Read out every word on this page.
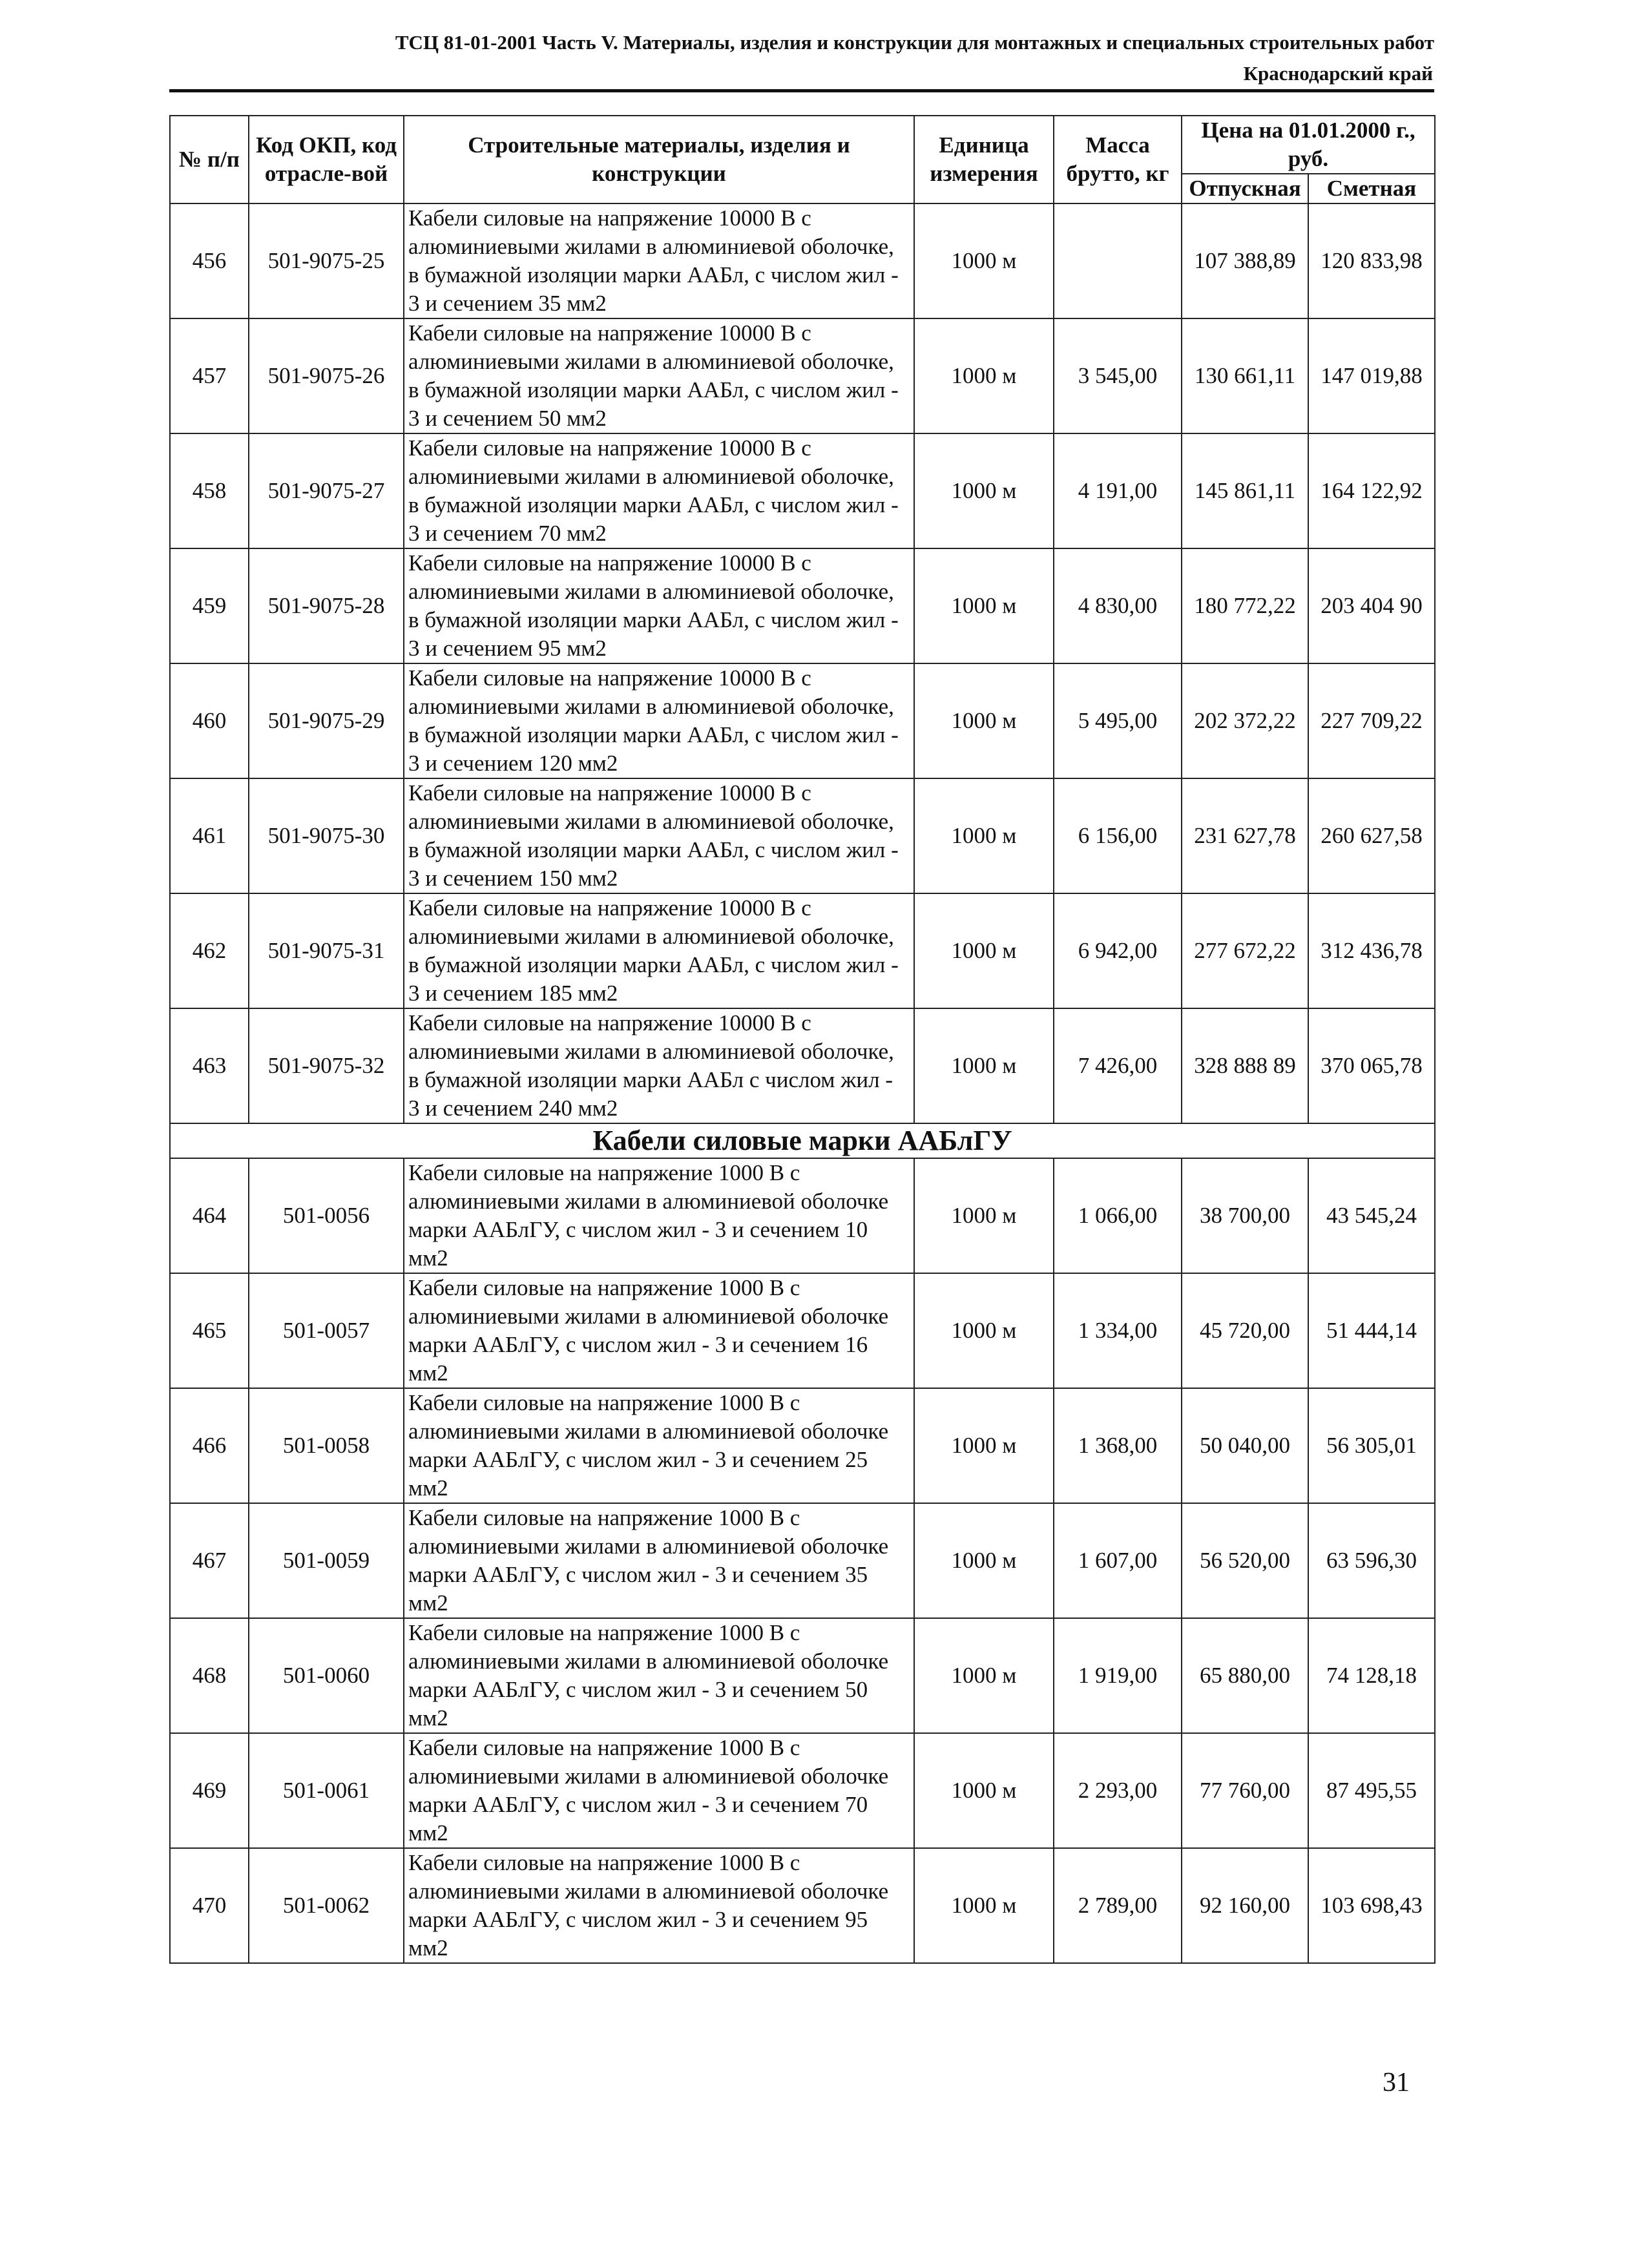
ТСЦ 81-01-2001 Часть V. Материалы, изделия и конструкции для монтажных и специальных строительных работ
Краснодарский край
№ п/п	Код ОКП, код отрасле-вой	Строительные материалы, изделия и конструкции	Единица измерения	Масса брутто, кг	Цена на 01.01.2000 г., руб.	
					Отпускная	Сметная
456	501-9075-25	Кабели силовые на напряжение 10000 В с алюминиевыми жилами в алюминиевой оболочке, в бумажной изоляции марки ААБл, с числом жил - 3 и сечением 35 мм2	1000 м		107 388,89	120 833,98
457	501-9075-26	Кабели силовые на напряжение 10000 В с алюминиевыми жилами в алюминиевой оболочке, в бумажной изоляции марки ААБл, с числом жил - 3 и сечением 50 мм2	1000 м	3 545,00	130 661,11	147 019,88
458	501-9075-27	Кабели силовые на напряжение 10000 В с алюминиевыми жилами в алюминиевой оболочке, в бумажной изоляции марки ААБл, с числом жил - 3 и сечением 70 мм2	1000 м	4 191,00	145 861,11	164 122,92
459	501-9075-28	Кабели силовые на напряжение 10000 В с алюминиевыми жилами в алюминиевой оболочке, в бумажной изоляции марки ААБл, с числом жил - 3 и сечением 95 мм2	1000 м	4 830,00	180 772,22	203 404 90
460	501-9075-29	Кабели силовые на напряжение 10000 В с алюминиевыми жилами в алюминиевой оболочке, в бумажной изоляции марки ААБл, с числом жил - 3 и сечением 120 мм2	1000 м	5 495,00	202 372,22	227 709,22
461	501-9075-30	Кабели силовые на напряжение 10000 В с алюминиевыми жилами в алюминиевой оболочке, в бумажной изоляции марки ААБл, с числом жил - 3 и сечением 150 мм2	1000 м	6 156,00	231 627,78	260 627,58
462	501-9075-31	Кабели силовые на напряжение 10000 В с алюминиевыми жилами в алюминиевой оболочке, в бумажной изоляции марки ААБл, с числом жил - 3 и сечением 185 мм2	1000 м	6 942,00	277 672,22	312 436,78
463	501-9075-32	Кабели силовые на напряжение 10000 В с алюминиевыми жилами в алюминиевой оболочке, в бумажной изоляции марки ААБл с числом жил - 3 и сечением 240 мм2	1000 м	7 426,00	328 888 89	370 065,78
Кабели силовые марки ААБлГУ						
464	501-0056	Кабели силовые на напряжение 1000 В с алюминиевыми жилами в алюминиевой оболочке марки ААБлГУ, с числом жил - 3 и сечением 10 мм2	1000 м	1 066,00	38 700,00	43 545,24
465	501-0057	Кабели силовые на напряжение 1000 В с алюминиевыми жилами в алюминиевой оболочке марки ААБлГУ, с числом жил - 3 и сечением 16 мм2	1000 м	1 334,00	45 720,00	51 444,14
466	501-0058	Кабели силовые на напряжение 1000 В с алюминиевыми жилами в алюминиевой оболочке марки ААБлГУ, с числом жил - 3 и сечением 25 мм2	1000 м	1 368,00	50 040,00	56 305,01
467	501-0059	Кабели силовые на напряжение 1000 В с алюминиевыми жилами в алюминиевой оболочке марки ААБлГУ, с числом жил - 3 и сечением 35 мм2	1000 м	1 607,00	56 520,00	63 596,30
468	501-0060	Кабели силовые на напряжение 1000 В с алюминиевыми жилами в алюминиевой оболочке марки ААБлГУ, с числом жил - 3 и сечением 50 мм2	1000 м	1 919,00	65 880,00	74 128,18
469	501-0061	Кабели силовые на напряжение 1000 В с алюминиевыми жилами в алюминиевой оболочке марки ААБлГУ, с числом жил - 3 и сечением 70 мм2	1000 м	2 293,00	77 760,00	87 495,55
470	501-0062	Кабели силовые на напряжение 1000 В с алюминиевыми жилами в алюминиевой оболочке марки ААБлГУ, с числом жил - 3 и сечением 95 мм2	1000 м	2 789,00	92 160,00	103 698,43
31
